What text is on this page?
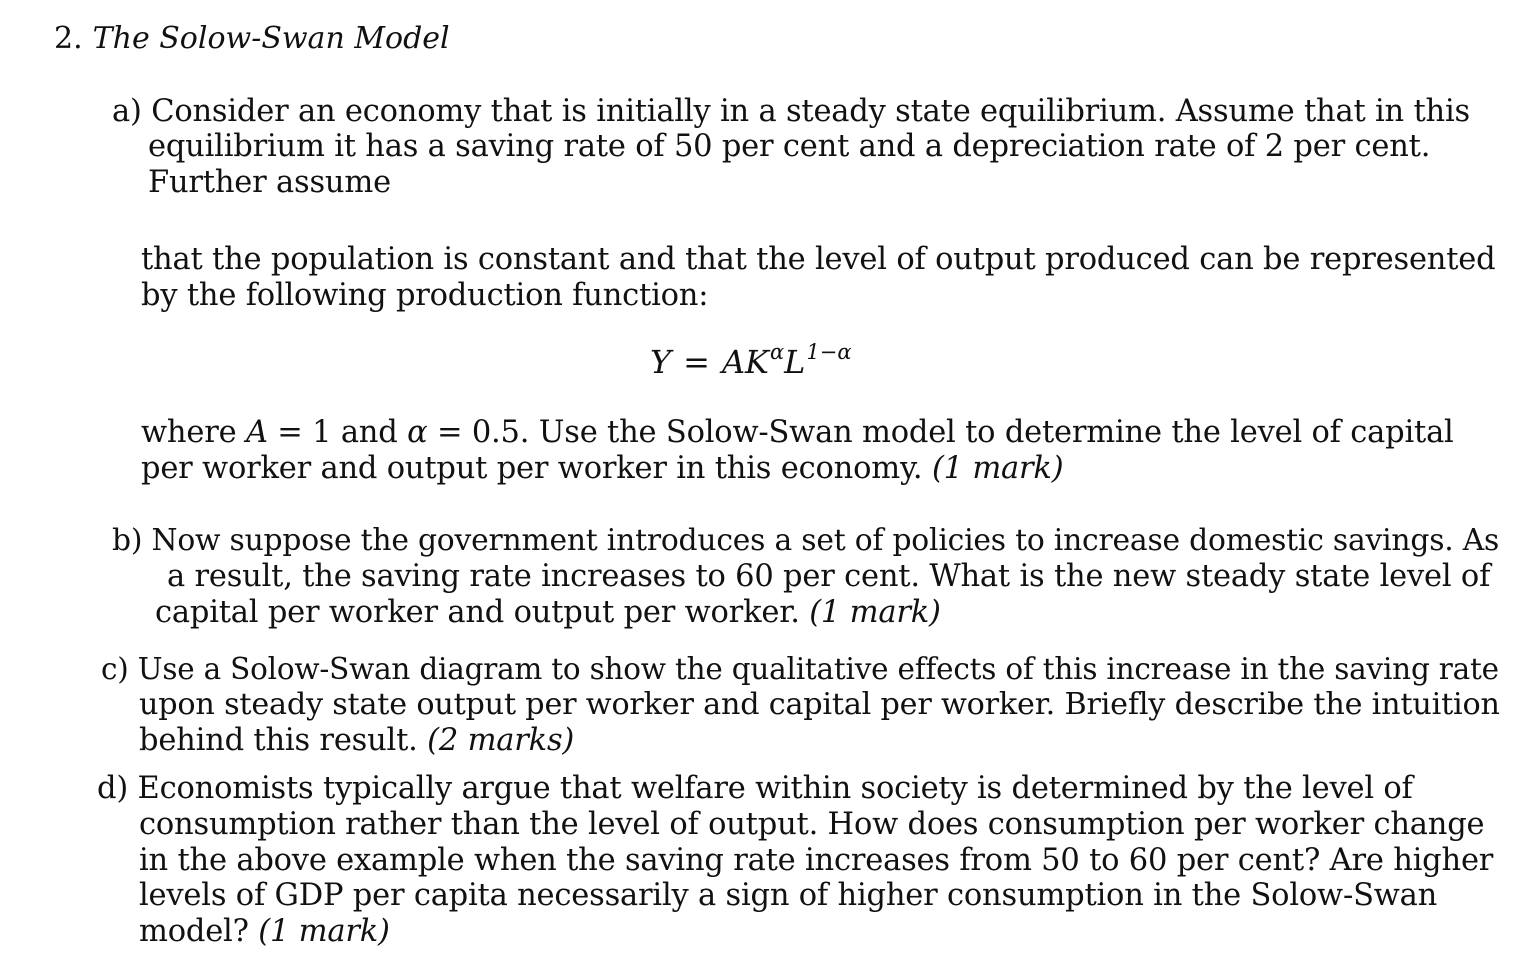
2. The Solow-Swan Model
a) Consider an economy that is initially in a steady state equilibrium. Assume that in this
equilibrium it has a saving rate of 50 per cent and a depreciation rate of 2 per cent.
Further assume
that the population is constant and that the level of output produced can be represented
by the following production function:
$Y = AK^\alpha L^{1-\alpha}$
where A = 1 and α = 0.5. Use the Solow-Swan model to determine the level of capital
per worker and output per worker in this economy. (1 mark)
b) Now suppose the government introduces a set of policies to increase domestic savings. As
a result, the saving rate increases to 60 per cent. What is the new steady state level of
capital per worker and output per worker. (1 mark)
c) Use a Solow-Swan diagram to show the qualitative effects of this increase in the saving rate
upon steady state output per worker and capital per worker. Briefly describe the intuition
behind this result. (2 marks)
d) Economists typically argue that welfare within society is determined by the level of
consumption rather than the level of output. How does consumption per worker change
in the above example when the saving rate increases from 50 to 60 per cent? Are higher
levels of GDP per capita necessarily a sign of higher consumption in the Solow-Swan
model? (1 mark)
